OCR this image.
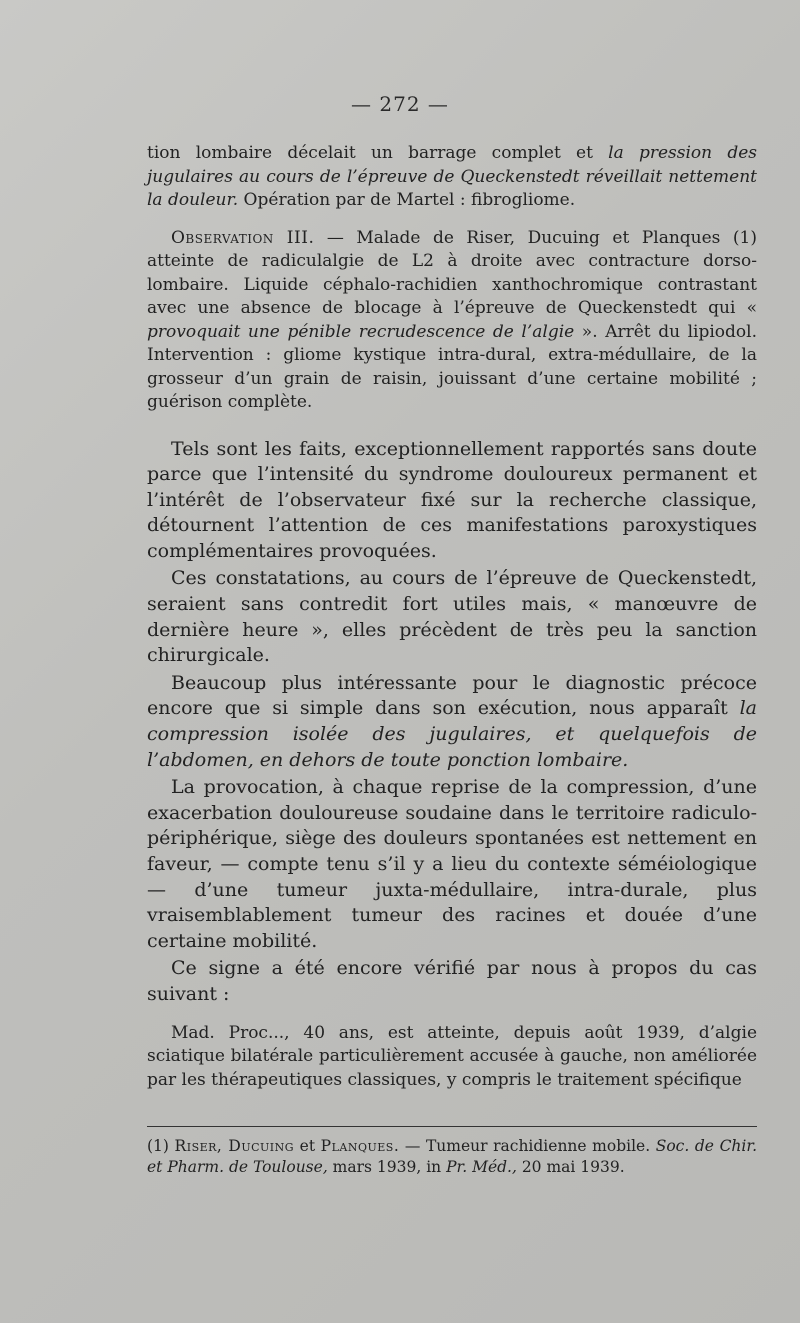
— 272 —

tion lombaire décelait un barrage complet et la pression des jugulaires au cours de l’épreuve de Queckenstedt réveillait nettement la douleur. Opération par de Martel : fibrogliome.

Observation III. — Malade de Riser, Ducuing et Planques (1) atteinte de radiculalgie de L2 à droite avec contracture dorso-lombaire. Liquide céphalo-rachidien xanthochromique contrastant avec une absence de blocage à l’épreuve de Queckenstedt qui « provoquait une pénible recrudescence de l’algie ». Arrêt du lipiodol. Intervention : gliome kystique intra-dural, extra-médullaire, de la grosseur d’un grain de raisin, jouissant d’une certaine mobilité ; guérison complète.

Tels sont les faits, exceptionnellement rapportés sans doute parce que l’intensité du syndrome douloureux permanent et l’intérêt de l’observateur fixé sur la recherche classique, détournent l’attention de ces manifestations paroxystiques complémentaires provoquées.

Ces constatations, au cours de l’épreuve de Queckenstedt, seraient sans contredit fort utiles mais, « manœuvre de dernière heure », elles précèdent de très peu la sanction chirurgicale.

Beaucoup plus intéressante pour le diagnostic précoce encore que si simple dans son exécution, nous apparaît la compression isolée des jugulaires, et quelquefois de l’abdomen, en dehors de toute ponction lombaire.

La provocation, à chaque reprise de la compression, d’une exacerbation douloureuse soudaine dans le territoire radiculo-périphérique, siège des douleurs spontanées est nettement en faveur, — compte tenu s’il y a lieu du contexte séméiologique — d’une tumeur juxta-médullaire, intra-durale, plus vraisemblablement tumeur des racines et douée d’une certaine mobilité.

Ce signe a été encore vérifié par nous à propos du cas suivant :

Mad. Proc..., 40 ans, est atteinte, depuis août 1939, d’algie sciatique bilatérale particulièrement accusée à gauche, non améliorée par les thérapeutiques classiques, y compris le traitement spécifique

(1) Riser, Ducuing et Planques. — Tumeur rachidienne mobile. Soc. de Chir. et Pharm. de Toulouse, mars 1939, in Pr. Méd., 20 mai 1939.
